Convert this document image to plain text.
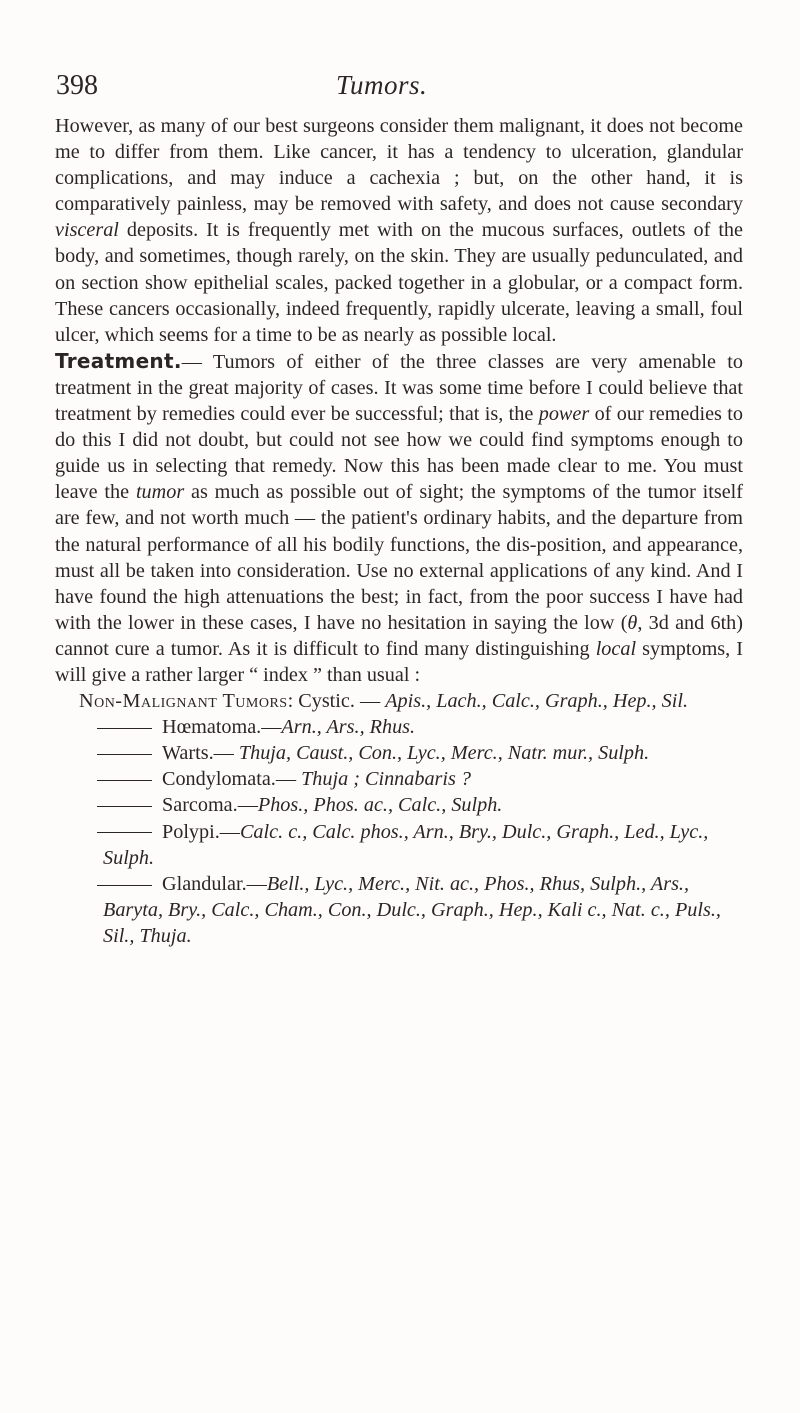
398	Tumors.

However, as many of our best surgeons consider them malignant, it does not become me to differ from them. Like cancer, it has a tendency to ulceration, glandular complications, and may induce a cachexia ; but, on the other hand, it is comparatively painless, may be removed with safety, and does not cause secondary visceral deposits. It is frequently met with on the mucous surfaces, outlets of the body, and sometimes, though rarely, on the skin. They are usually pedunculated, and on section show epithelial scales, packed together in a globular, or a compact form. These cancers occasionally, indeed frequently, rapidly ulcerate, leaving a small, foul ulcer, which seems for a time to be as nearly as possible local.

Treatment.— Tumors of either of the three classes are very amenable to treatment in the great majority of cases. It was some time before I could believe that treatment by remedies could ever be successful; that is, the power of our remedies to do this I did not doubt, but could not see how we could find symptoms enough to guide us in selecting that remedy. Now this has been made clear to me. You must leave the tumor as much as possible out of sight; the symptoms of the tumor itself are few, and not worth much — the patient's ordinary habits, and the departure from the natural performance of all his bodily functions, the dis-position, and appearance, must all be taken into consideration. Use no external applications of any kind. And I have found the high attenuations the best; in fact, from the poor success I have had with the lower in these cases, I have no hesitation in saying the low (θ, 3d and 6th) cannot cure a tumor. As it is difficult to find many distinguishing local symptoms, I will give a rather larger “ index ” than usual :

Non-Malignant Tumors: Cystic. — Apis., Lach., Calc., Graph., Hep., Sil.

Hœmatoma.—Arn., Ars., Rhus.

Warts.— Thuja, Caust., Con., Lyc., Merc., Natr. mur., Sulph.

Condylomata.— Thuja ; Cinnabaris ?

Sarcoma.—Phos., Phos. ac., Calc., Sulph.

Polypi.—Calc. c., Calc. phos., Arn., Bry., Dulc., Graph., Led., Lyc., Sulph.

Glandular.—Bell., Lyc., Merc., Nit. ac., Phos., Rhus, Sulph., Ars., Baryta, Bry., Calc., Cham., Con., Dulc., Graph., Hep., Kali c., Nat. c., Puls., Sil., Thuja.
